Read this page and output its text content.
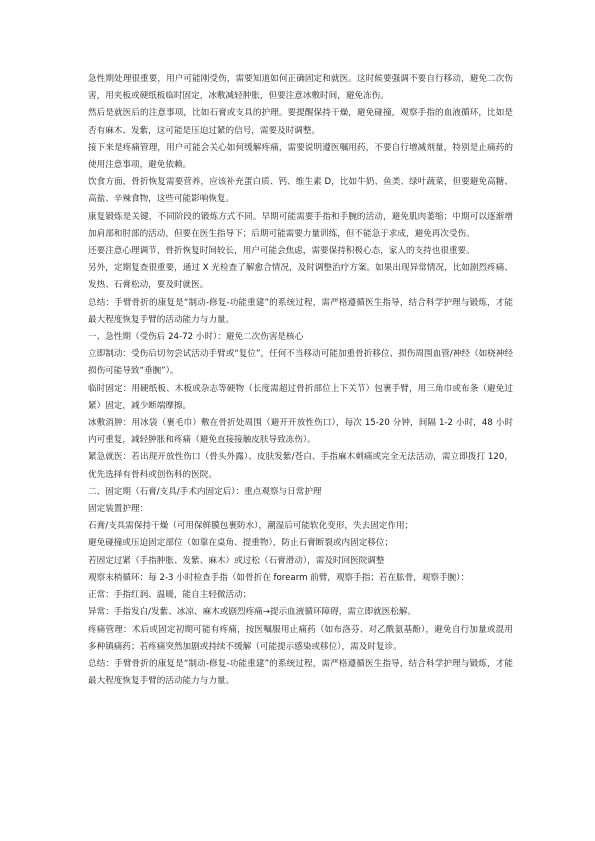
急性期处理很重要，用户可能刚受伤，需要知道如何正确固定和就医。这时候要强调不要自行移动，避免二次伤害，用夹板或硬纸板临时固定，冰敷减轻肿胀，但要注意冰敷时间，避免冻伤。

然后是就医后的注意事项，比如石膏或支具的护理。要提醒保持干燥，避免碰撞，观察手指的血液循环，比如是否有麻木、发紫，这可能是压迫过紧的信号，需要及时调整。

接下来是疼痛管理，用户可能会关心如何缓解疼痛，需要说明遵医嘱用药，不要自行增减剂量，特别是止痛药的使用注意事项，避免依赖。

饮食方面，骨折恢复需要营养，应该补充蛋白质、钙、维生素 D，比如牛奶、鱼类、绿叶蔬菜，但要避免高糖、高盐、辛辣食物，这些可能影响恢复。

康复锻炼是关键，不同阶段的锻炼方式不同。早期可能需要手指和手腕的活动，避免肌肉萎缩；中期可以逐渐增加肩部和肘部的活动，但要在医生指导下；后期可能需要力量训练，但不能急于求成，避免再次受伤。

还要注意心理调节，骨折恢复时间较长，用户可能会焦虑，需要保持积极心态，家人的支持也很重要。

另外，定期复查很重要，通过 X 光检查了解愈合情况，及时调整治疗方案。如果出现异常情况，比如剧烈疼痛、发热、石膏松动，要及时就医。

总结：手臂骨折的康复是“制动-修复-功能重建”的系统过程，需严格遵循医生指导，结合科学护理与锻炼，才能最大程度恢复手臂的活动能力与力量。

一、急性期（受伤后 24-72 小时）：避免二次伤害是核心

立即制动：受伤后切勿尝试活动手臂或“复位”，任何不当移动可能加重骨折移位、损伤周围血管/神经（如桡神经损伤可能导致“垂腕”）。

临时固定：用硬纸板、木板或杂志等硬物（长度需超过骨折部位上下关节）包裹手臂，用三角巾或布条（避免过紧）固定，减少断端摩擦。

冰敷消肿：用冰袋（裹毛巾）敷在骨折处周围（避开开放性伤口），每次 15-20 分钟，间隔 1-2 小时，48 小时内可重复，减轻肿胀和疼痛（避免直接接触皮肤导致冻伤）。

紧急就医：若出现开放性伤口（骨头外露）、皮肤发紫/苍白、手指麻木刺痛或完全无法活动，需立即拨打 120，优先选择有骨科或创伤科的医院。

二、固定期（石膏/支具/手术内固定后）：重点观察与日常护理

固定装置护理：

石膏/支具需保持干燥（可用保鲜膜包裹防水），潮湿后可能软化变形，失去固定作用；

避免碰撞或压迫固定部位（如靠在桌角、提重物），防止石膏断裂或内固定移位；

若固定过紧（手指肿胀、发紫、麻木）或过松（石膏滑动），需及时回医院调整

观察末梢循环：每 2-3 小时检查手指（如骨折在 forearm 前臂，观察手指；若在肱骨，观察手腕）：

正常：手指红润、温暖，能自主轻微活动；

异常：手指发白/发紫、冰凉、麻木或剧烈疼痛→提示血液循环障碍，需立即就医松解。

疼痛管理：术后或固定初期可能有疼痛，按医嘱服用止痛药（如布洛芬、对乙酰氨基酚），避免自行加量或混用多种镇痛药；若疼痛突然加剧或持续不缓解（可能提示感染或移位），需及时复诊。

总结：手臂骨折的康复是“制动-修复-功能重建”的系统过程，需严格遵循医生指导，结合科学护理与锻炼，才能最大程度恢复手臂的活动能力与力量。
